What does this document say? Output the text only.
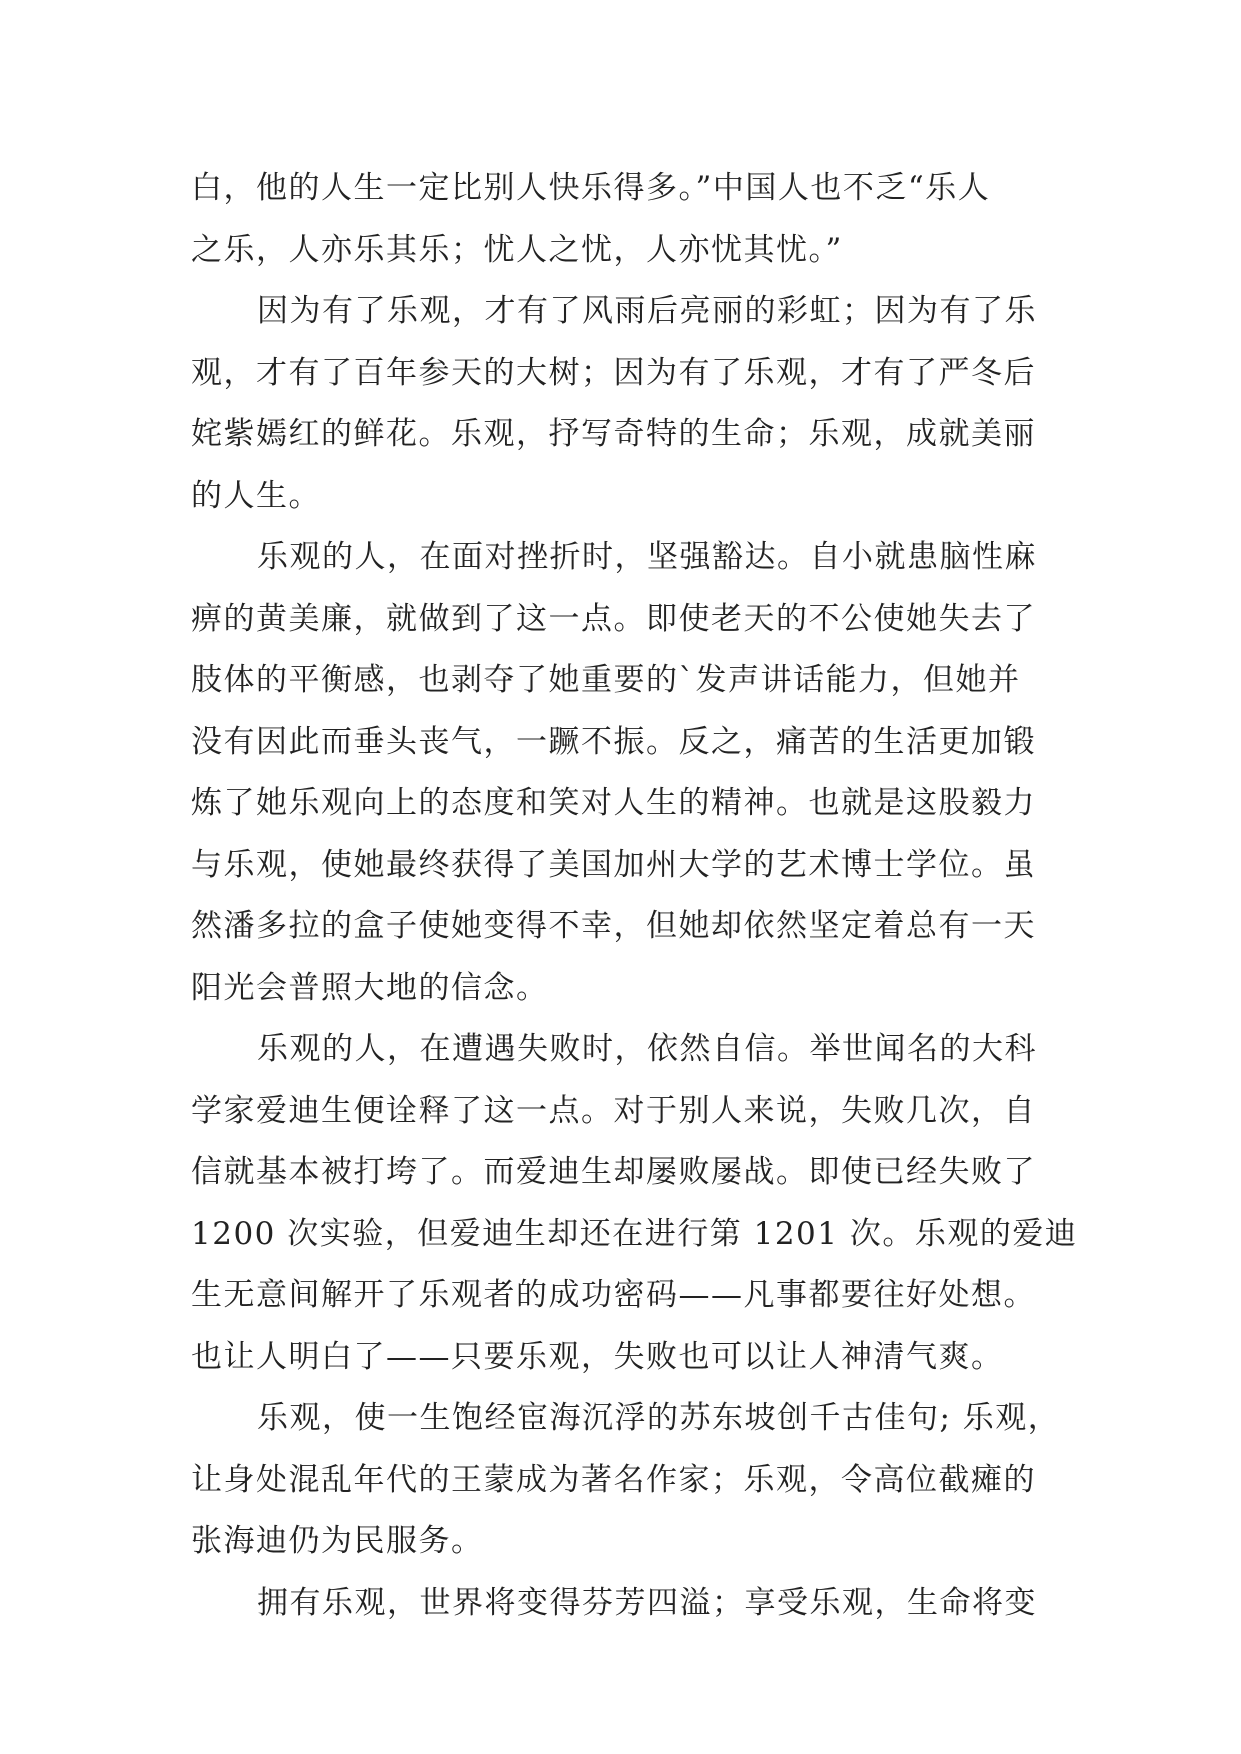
白，他的人生一定比别人快乐得多。”中国人也不乏“乐人
之乐，人亦乐其乐；忧人之忧，人亦忧其忧。”
因为有了乐观，才有了风雨后亮丽的彩虹；因为有了乐
观，才有了百年参天的大树；因为有了乐观，才有了严冬后
姹紫嫣红的鲜花。乐观，抒写奇特的生命；乐观，成就美丽
的人生。
乐观的人，在面对挫折时，坚强豁达。自小就患脑性麻
痹的黄美廉，就做到了这一点。即使老天的不公使她失去了
肢体的平衡感，也剥夺了她重要的`发声讲话能力，但她并
没有因此而垂头丧气，一蹶不振。反之，痛苦的生活更加锻
炼了她乐观向上的态度和笑对人生的精神。也就是这股毅力
与乐观，使她最终获得了美国加州大学的艺术博士学位。虽
然潘多拉的盒子使她变得不幸，但她却依然坚定着总有一天
阳光会普照大地的信念。
乐观的人，在遭遇失败时，依然自信。举世闻名的大科
学家爱迪生便诠释了这一点。对于别人来说，失败几次，自
信就基本被打垮了。而爱迪生却屡败屡战。即使已经失败了
1200 次实验，但爱迪生却还在进行第 1201 次。乐观的爱迪
生无意间解开了乐观者的成功密码——凡事都要往好处想。
也让人明白了——只要乐观，失败也可以让人神清气爽。
乐观，使一生饱经宦海沉浮的苏东坡创千古佳句; 乐观，
让身处混乱年代的王蒙成为著名作家；乐观，令高位截瘫的
张海迪仍为民服务。
拥有乐观，世界将变得芬芳四溢；享受乐观，生命将变
